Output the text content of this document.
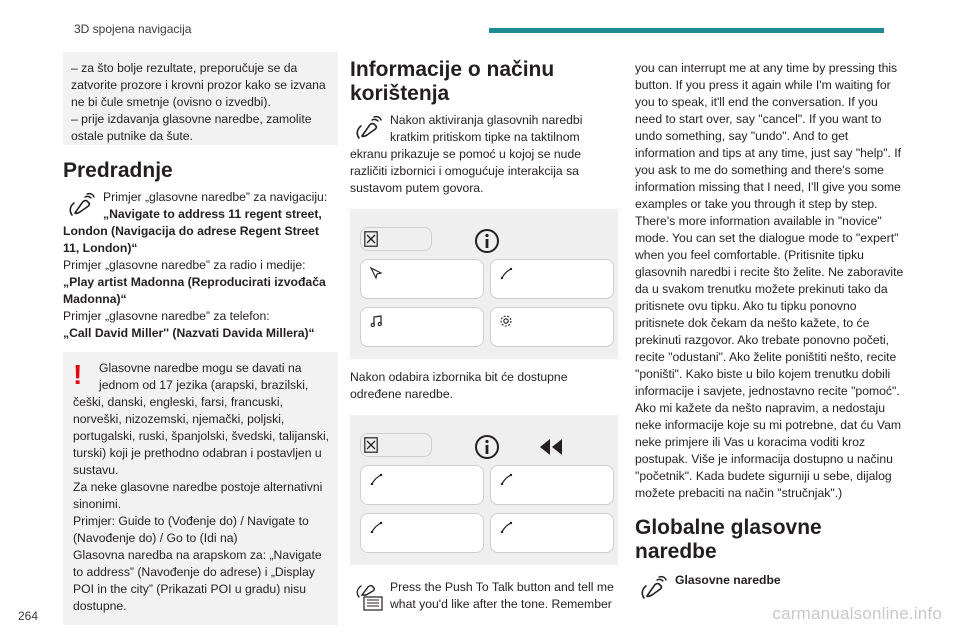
3D spojena navigacija

– za što bolje rezultate, preporučuje se da zatvorite prozore i krovni prozor kako se izvana ne bi čule smetnje (ovisno o izvedbi).

– prije izdavanja glasovne naredbe, zamolite ostale putnike da šute.

Predradnje
Primjer „glasovne naredbe” za navigaciju:
„Navigate to address 11 regent street, London (Navigacija do adrese Regent Street 11, London)“
Primjer „glasovne naredbe” za radio i medije:
„Play artist Madonna (Reproducirati izvođača Madonna)“
Primjer „glasovne naredbe” za telefon:
„Call David Miller'' (Nazvati Davida Millera)“
!	Glasovne naredbe mogu se davati na jednom od 17 jezika (arapski, brazilski, češki, danski, engleski, farsi, francuski, norveški, nizozemski, njemački, poljski, portugalski, ruski, španjolski, švedski, talijanski, turski) koji je prethodno odabran i postavljen u sustavu.
Za neke glasovne naredbe postoje alternativni sinonimi.
Primjer: Guide to (Vođenje do) / Navigate to (Navođenje do) / Go to (Idi na)
Glasovna naredba na arapskom za: „Navigate to address” (Navođenje do adrese) i „Display POI in the city” (Prikazati POI u gradu) nisu dostupne.
Informacije o načinu
korištenja
Nakon aktiviranja glasovnih naredbi kratkim pritiskom tipke na taktilnom ekranu prikazuje se pomoć u kojoj se nude različiti izbornici i omogućuje interakcija sa sustavom putem govora.
Nakon odabira izbornika bit će dostupne određene naredbe.
Press the Push To Talk button and tell me what you'd like after the tone. Remember
you can interrupt me at any time by pressing this button. If you press it again while I'm waiting for you to speak, it'll end the conversation. If you need to start over, say "cancel". If you want to undo something, say "undo". And to get information and tips at any time, just say "help". If you ask to me do something and there's some information missing that I need, I'll give you some examples or take you through it step by step. There's more information available in "novice" mode. You can set the dialogue mode to "expert" when you feel comfortable. (Pritisnite tipku glasovnih naredbi i recite što želite. Ne zaboravite da u svakom trenutku možete prekinuti tako da pritisnete ovu tipku. Ako tu tipku ponovno pritisnete dok čekam da nešto kažete, to će prekinuti razgovor. Ako trebate ponovno početi, recite "odustani". Ako želite poništiti nešto, recite "poništi". Kako biste u bilo kojem trenutku dobili informacije i savjete, jednostavno recite "pomoć". Ako mi kažete da nešto napravim, a nedostaju neke informacije koje su mi potrebne, dat ću Vam neke primjere ili Vas u koracima voditi kroz postupak. Više je informacija dostupno u načinu "početnik". Kada budete sigurniji u sebe, dijalog možete prebaciti na način "stručnjak".)
Globalne glasovne naredbe
Glasovne naredbe
264	carmanualsonline.info
